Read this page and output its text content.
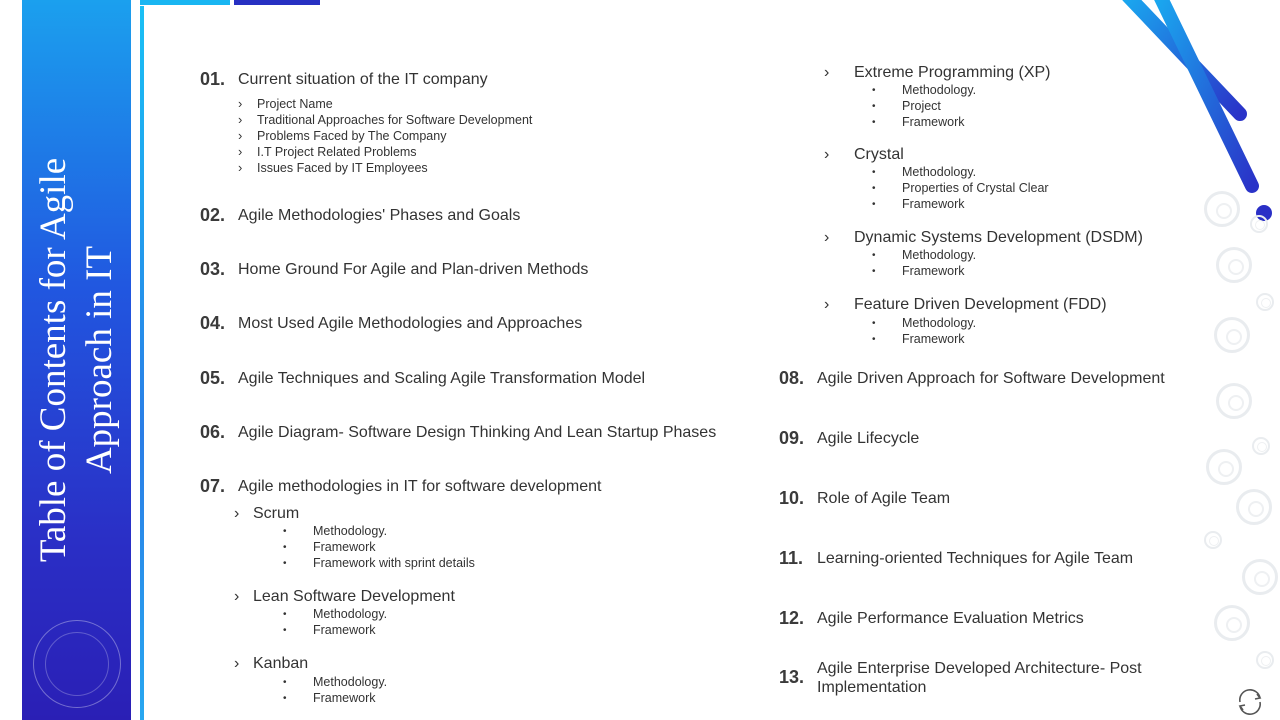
Table of Contents for Agile Approach in IT
01. Current situation of the IT company
› Project Name
› Traditional Approaches for Software Development
› Problems Faced by The Company
› I.T Project Related Problems
› Issues Faced by IT Employees
02. Agile Methodologies' Phases and Goals
03. Home Ground For Agile and Plan-driven Methods
04. Most Used Agile Methodologies and Approaches
05. Agile Techniques and Scaling Agile Transformation Model
06. Agile Diagram- Software Design Thinking And Lean Startup Phases
07. Agile methodologies in IT for software development
› Scrum
• Methodology.
• Framework
• Framework with sprint details
› Lean Software Development
• Methodology.
• Framework
› Kanban
• Methodology.
• Framework
› Extreme Programming (XP)
• Methodology.
• Project
• Framework
› Crystal
• Methodology.
• Properties of Crystal Clear
• Framework
› Dynamic Systems Development (DSDM)
• Methodology.
• Framework
› Feature Driven Development (FDD)
• Methodology.
• Framework
08. Agile Driven Approach for Software Development
09. Agile Lifecycle
10. Role of Agile Team
11. Learning-oriented Techniques for Agile Team
12. Agile Performance Evaluation Metrics
13. Agile Enterprise Developed Architecture- Post
Implementation
